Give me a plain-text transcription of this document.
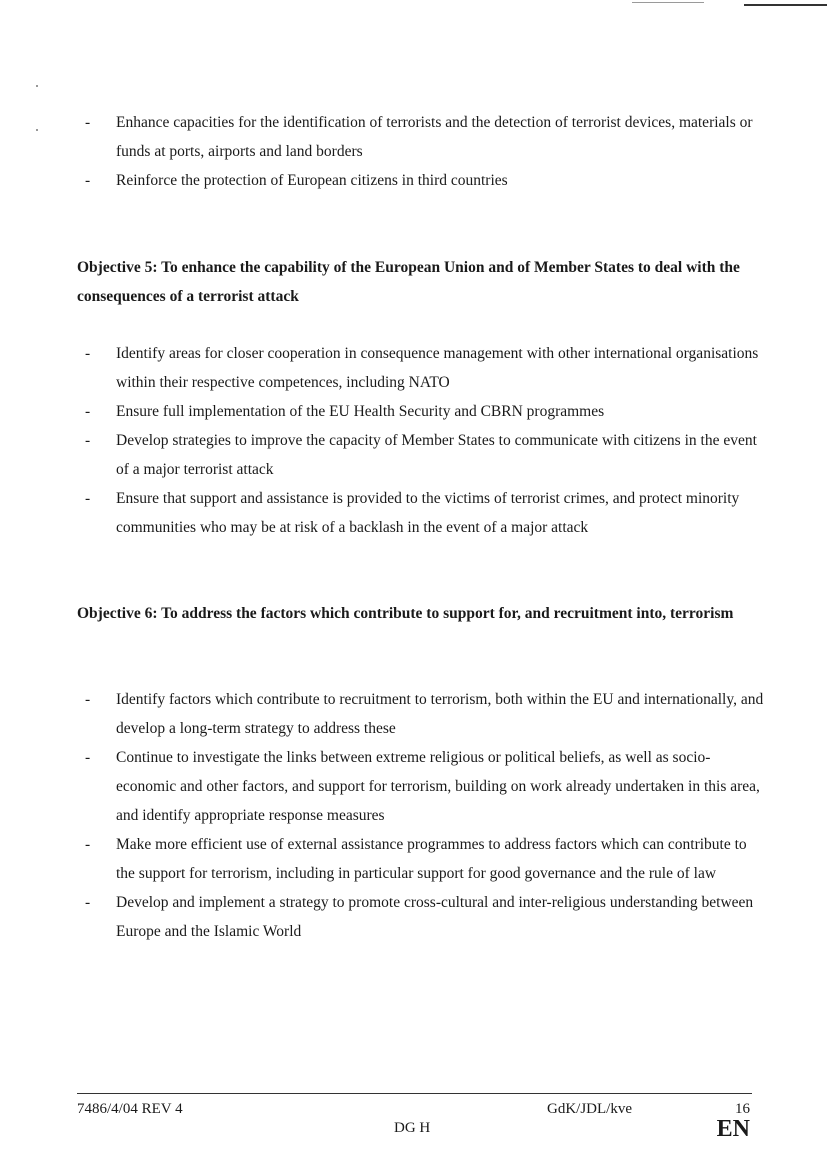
- Enhance capacities for the identification of terrorists and the detection of terrorist devices, materials or funds at ports, airports and land borders
- Reinforce the protection of European citizens in third countries

Objective 5: To enhance the capability of the European Union and of Member States to deal with the consequences of a terrorist attack

- Identify areas for closer cooperation in consequence management with other international organisations within their respective competences, including NATO
- Ensure full implementation of the EU Health Security and CBRN programmes
- Develop strategies to improve the capacity of Member States to communicate with citizens in the event of a major terrorist attack
- Ensure that support and assistance is provided to the victims of terrorist crimes, and protect minority communities who may be at risk of a backlash in the event of a major attack

Objective 6: To address the factors which contribute to support for, and recruitment into, terrorism

- Identify factors which contribute to recruitment to terrorism, both within the EU and internationally, and develop a long-term strategy to address these
- Continue to investigate the links between extreme religious or political beliefs, as well as socio-economic and other factors, and support for terrorism, building on work already undertaken in this area, and identify appropriate response measures
- Make more efficient use of external assistance programmes to address factors which can contribute to the support for terrorism, including in particular support for good governance and the rule of law
- Develop and implement a strategy to promote cross-cultural and inter-religious understanding between Europe and the Islamic World
7486/4/04 REV 4	GdK/JDL/kve	16
DG H	EN
